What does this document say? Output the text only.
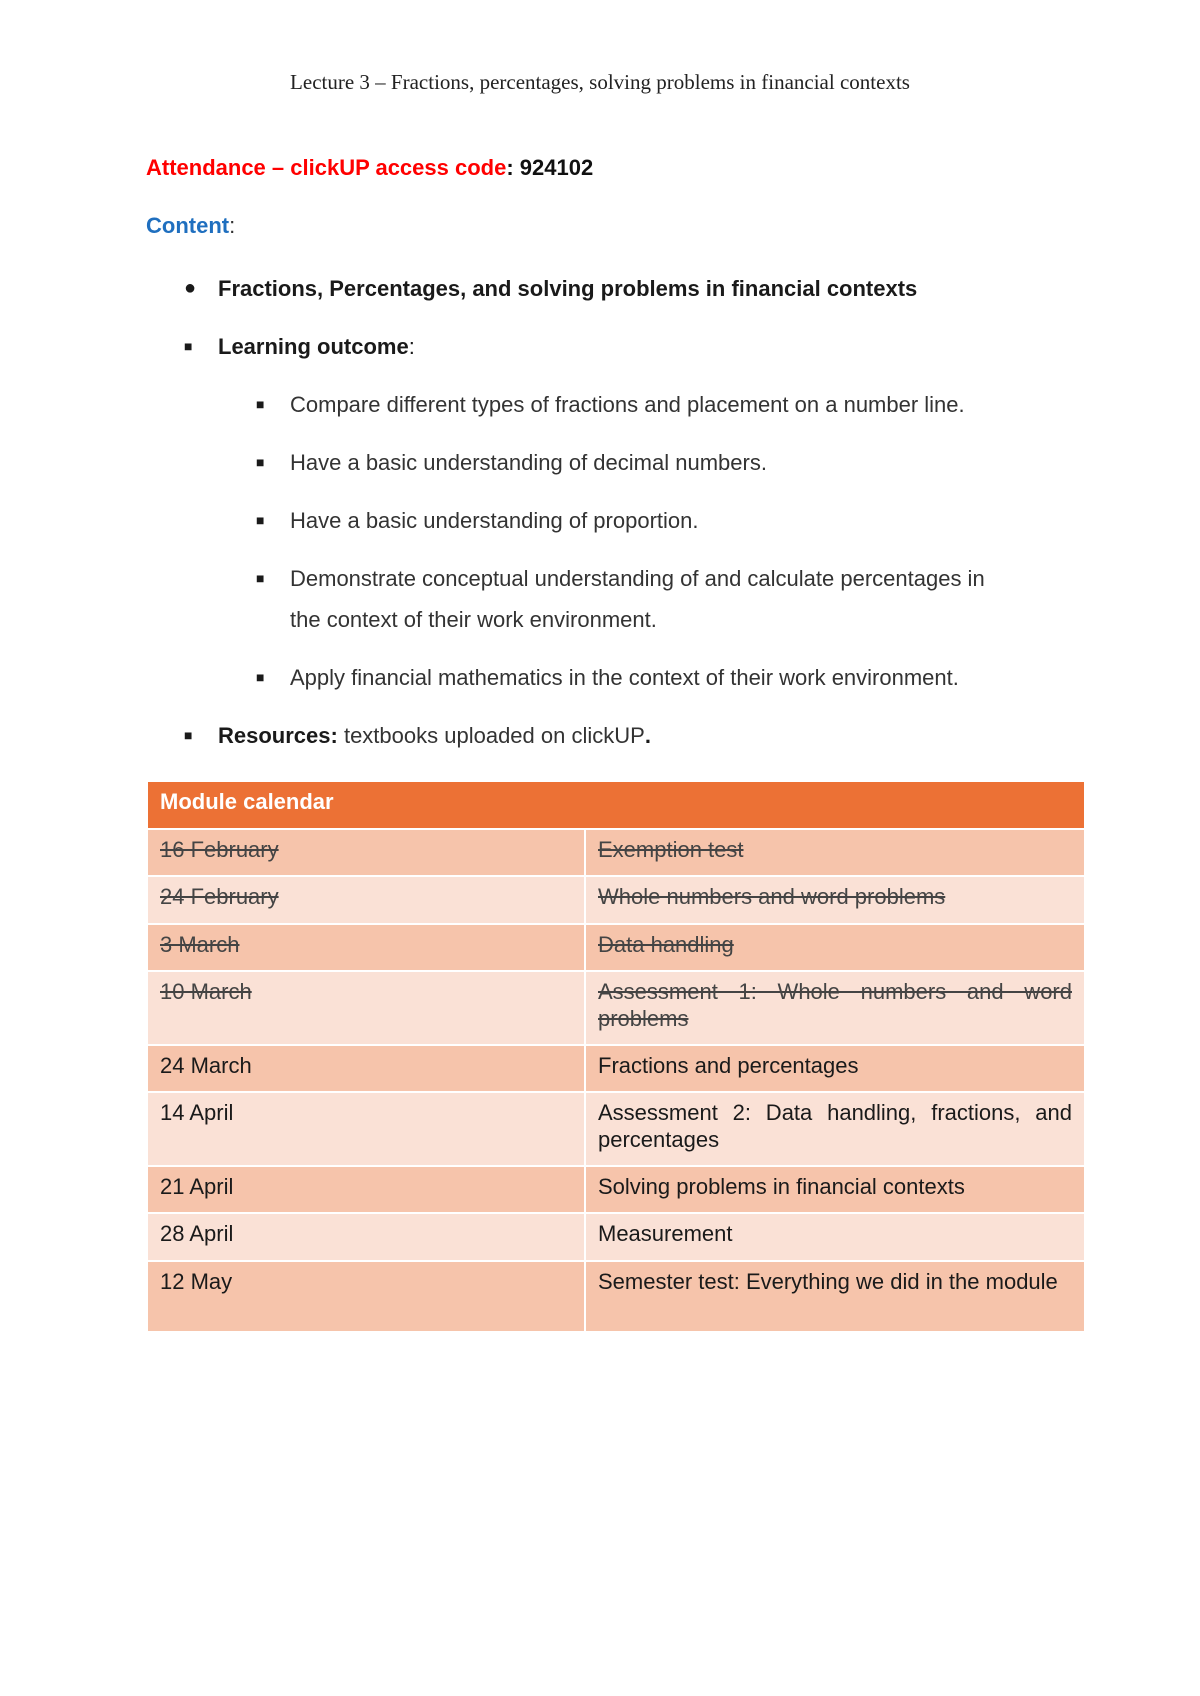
Lecture 3 – Fractions, percentages, solving problems in financial contexts
Attendance – clickUP access code: 924102
Content:
● Fractions, Percentages, and solving problems in financial contexts
■ Learning outcome:
■ Compare different types of fractions and placement on a number line.
■ Have a basic understanding of decimal numbers.
■ Have a basic understanding of proportion.
■ Demonstrate conceptual understanding of and calculate percentages in
the context of their work environment.
■ Apply financial mathematics in the context of their work environment.
■ Resources: textbooks uploaded on clickUP.
Module calendar	
16 February	Exemption test
24 February	Whole numbers and word problems
3 March	Data handling
10 March	Assessment 1: Whole numbers and word problems
24 March	Fractions and percentages
14 April	Assessment 2: Data handling, fractions, and percentages
21 April	Solving problems in financial contexts
28 April	Measurement
12 May	Semester test: Everything we did in the module
